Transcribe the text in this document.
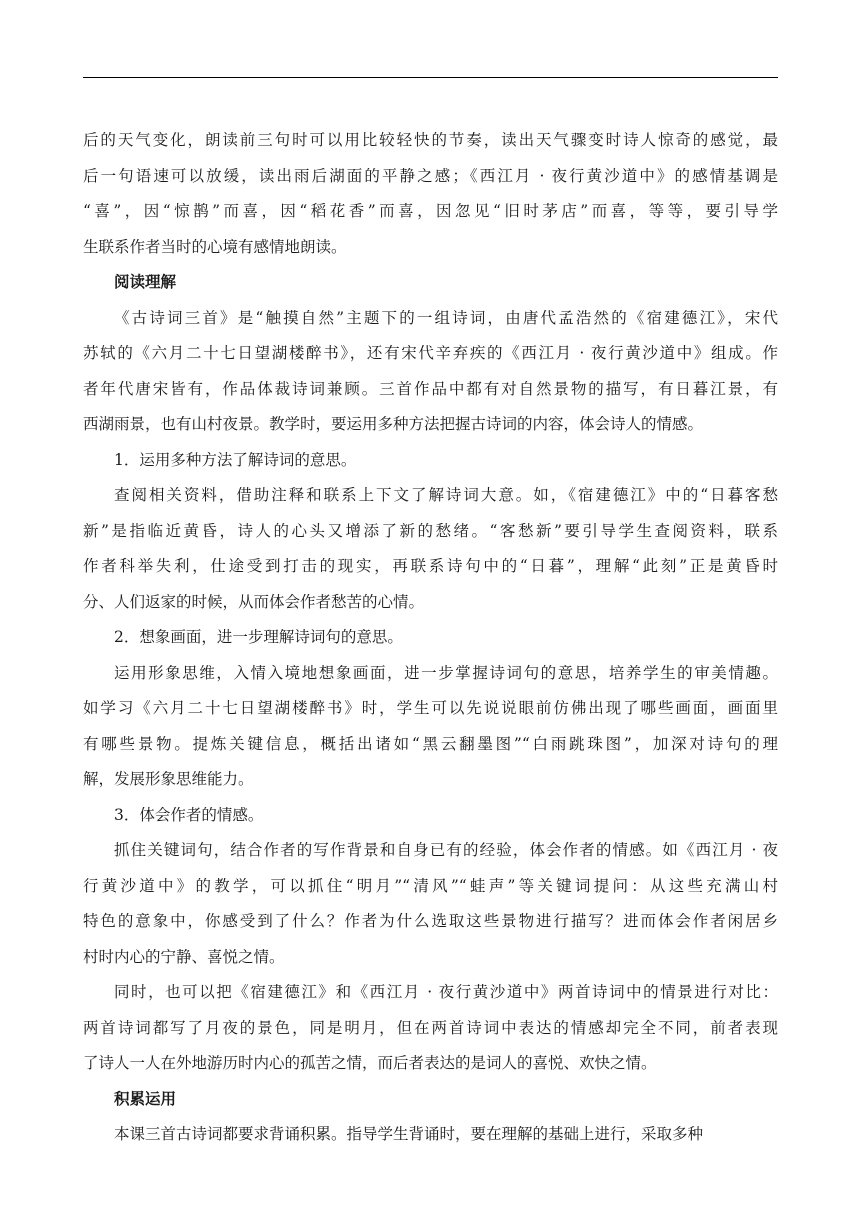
后的天气变化，朗读前三句时可以用比较轻快的节奏，读出天气骤变时诗人惊奇的感觉，最
后一句语速可以放缓，读出雨后湖面的平静之感；《西江月 · 夜行黄沙道中》的感情基调是
“喜”，因“惊鹊”而喜，因“稻花香”而喜，因忽见“旧时茅店”而喜，等等，要引导学
生联系作者当时的心境有感情地朗读。
阅读理解
《古诗词三首》是“触摸自然”主题下的一组诗词，由唐代孟浩然的《宿建德江》，宋代
苏轼的《六月二十七日望湖楼醉书》，还有宋代辛弃疾的《西江月 · 夜行黄沙道中》组成。作
者年代唐宋皆有，作品体裁诗词兼顾。三首作品中都有对自然景物的描写，有日暮江景，有
西湖雨景，也有山村夜景。教学时，要运用多种方法把握古诗词的内容，体会诗人的情感。
1．运用多种方法了解诗词的意思。
查阅相关资料，借助注释和联系上下文了解诗词大意。如，《宿建德江》中的“日暮客愁
新”是指临近黄昏，诗人的心头又增添了新的愁绪。“客愁新”要引导学生查阅资料，联系
作者科举失利，仕途受到打击的现实，再联系诗句中的“日暮”，理解“此刻”正是黄昏时
分、人们返家的时候，从而体会作者愁苦的心情。
2．想象画面，进一步理解诗词句的意思。
运用形象思维，入情入境地想象画面，进一步掌握诗词句的意思，培养学生的审美情趣。
如学习《六月二十七日望湖楼醉书》时，学生可以先说说眼前仿佛出现了哪些画面，画面里
有哪些景物。提炼关键信息，概括出诸如“黑云翻墨图”“白雨跳珠图”，加深对诗句的理
解，发展形象思维能力。
3．体会作者的情感。
抓住关键词句，结合作者的写作背景和自身已有的经验，体会作者的情感。如《西江月 · 夜
行黄沙道中》的教学，可以抓住“明月”“清风”“蛙声”等关键词提问：从这些充满山村
特色的意象中，你感受到了什么？作者为什么选取这些景物进行描写？进而体会作者闲居乡
村时内心的宁静、喜悦之情。
同时，也可以把《宿建德江》和《西江月 · 夜行黄沙道中》两首诗词中的情景进行对比：
两首诗词都写了月夜的景色，同是明月，但在两首诗词中表达的情感却完全不同，前者表现
了诗人一人在外地游历时内心的孤苦之情，而后者表达的是词人的喜悦、欢快之情。
积累运用
本课三首古诗词都要求背诵积累。指导学生背诵时，要在理解的基础上进行，采取多种
